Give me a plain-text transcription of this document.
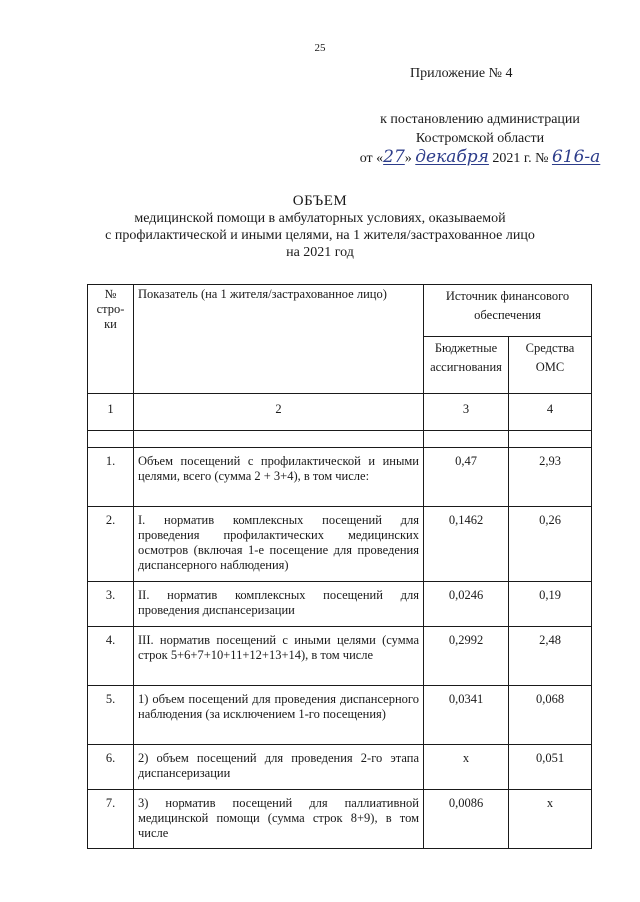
25
Приложение № 4
к постановлению администрации
Костромской области
от «27» декабря 2021 г. № 616-а
ОБЪЕМ
медицинской помощи в амбулаторных условиях, оказываемой
с профилактической и иными целями, на 1 жителя/застрахованное лицо
на 2021 год
№ стро-ки	Показатель (на 1 жителя/застрахованное лицо)	Источник финансового обеспечения	
		Бюджетные ассигнования	Средства ОМС
1	2	3	4

1.	Объем посещений с профилактической и иными целями, всего (сумма 2 + 3+4), в том числе:	0,47	2,93
2.	I. норматив комплексных посещений для проведения профилактических медицинских осмотров (включая 1-е посещение для проведения диспансерного наблюдения)	0,1462	0,26
3.	II. норматив комплексных посещений для проведения диспансеризации	0,0246	0,19
4.	III. норматив посещений с иными целями (сумма строк 5+6+7+10+11+12+13+14), в том числе	0,2992	2,48
5.	1) объем посещений для проведения диспансерного наблюдения (за исключением 1-го посещения)	0,0341	0,068
6.	2) объем посещений для проведения 2-го этапа диспансеризации	х	0,051
7.	3) норматив посещений для паллиативной медицинской помощи (сумма строк 8+9), в том числе	0,0086	х
